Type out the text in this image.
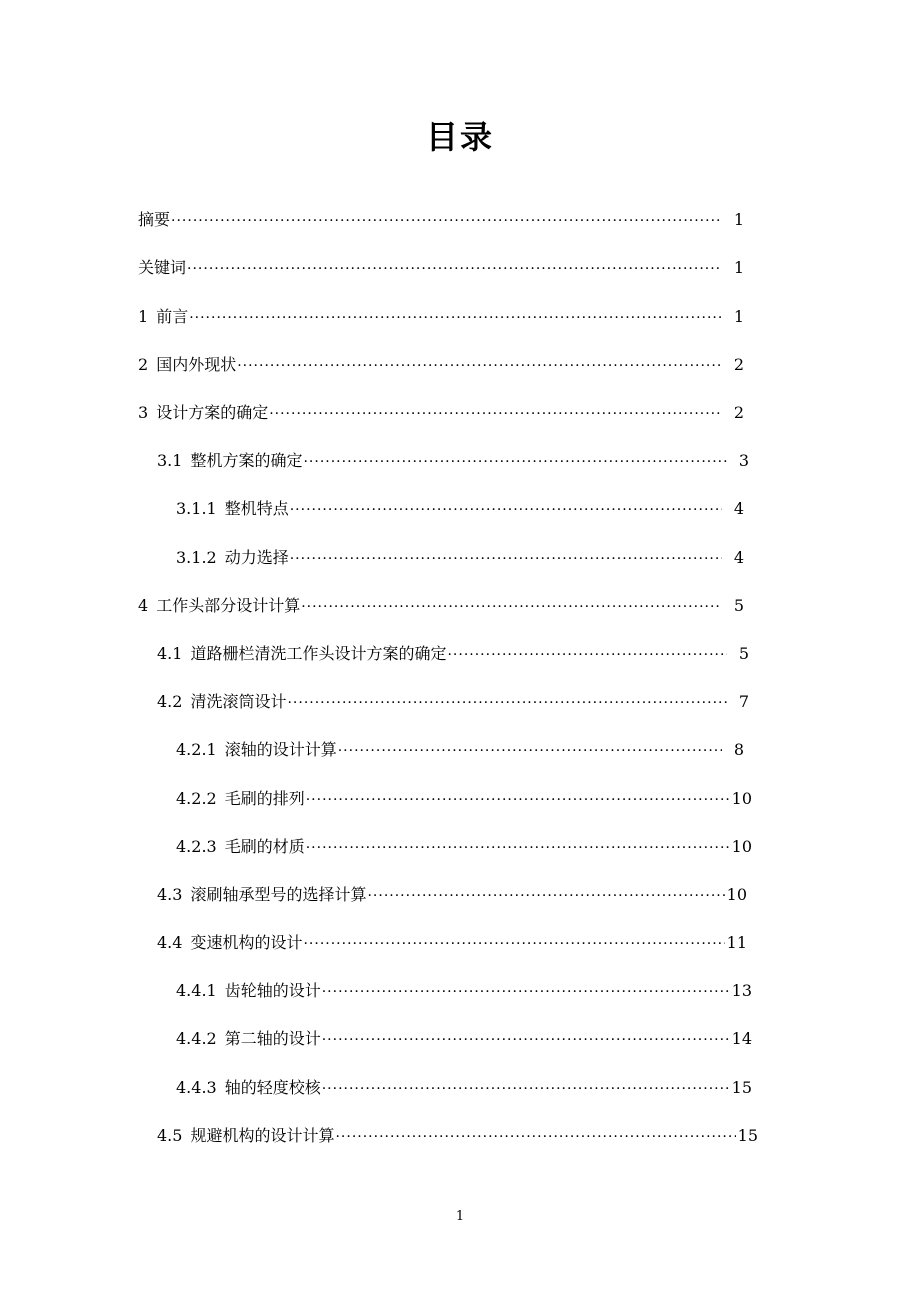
目录
摘要 ·····	1
关键词 ·····	1
1 前言 ·····	1
2 国内外现状 ·····	2
3 设计方案的确定 ·····	2
3.1 整机方案的确定 ·····	3
3.1.1 整机特点 ·····	4
3.1.2 动力选择 ·····	4
4 工作头部分设计计算 ·····	5
4.1 道路栅栏清洗工作头设计方案的确定 ·····	5
4.2 清洗滚筒设计 ·····	7
4.2.1 滚轴的设计计算 ·····	8
4.2.2 毛刷的排列 ·····	10
4.2.3 毛刷的材质 ·····	10
4.3 滚刷轴承型号的选择计算 ·····	10
4.4 变速机构的设计 ·····	11
4.4.1 齿轮轴的设计 ·····	13
4.4.2 第二轴的设计 ·····	14
4.4.3 轴的轻度校核 ·····	15
4.5 规避机构的设计计算 ·····	15
1
